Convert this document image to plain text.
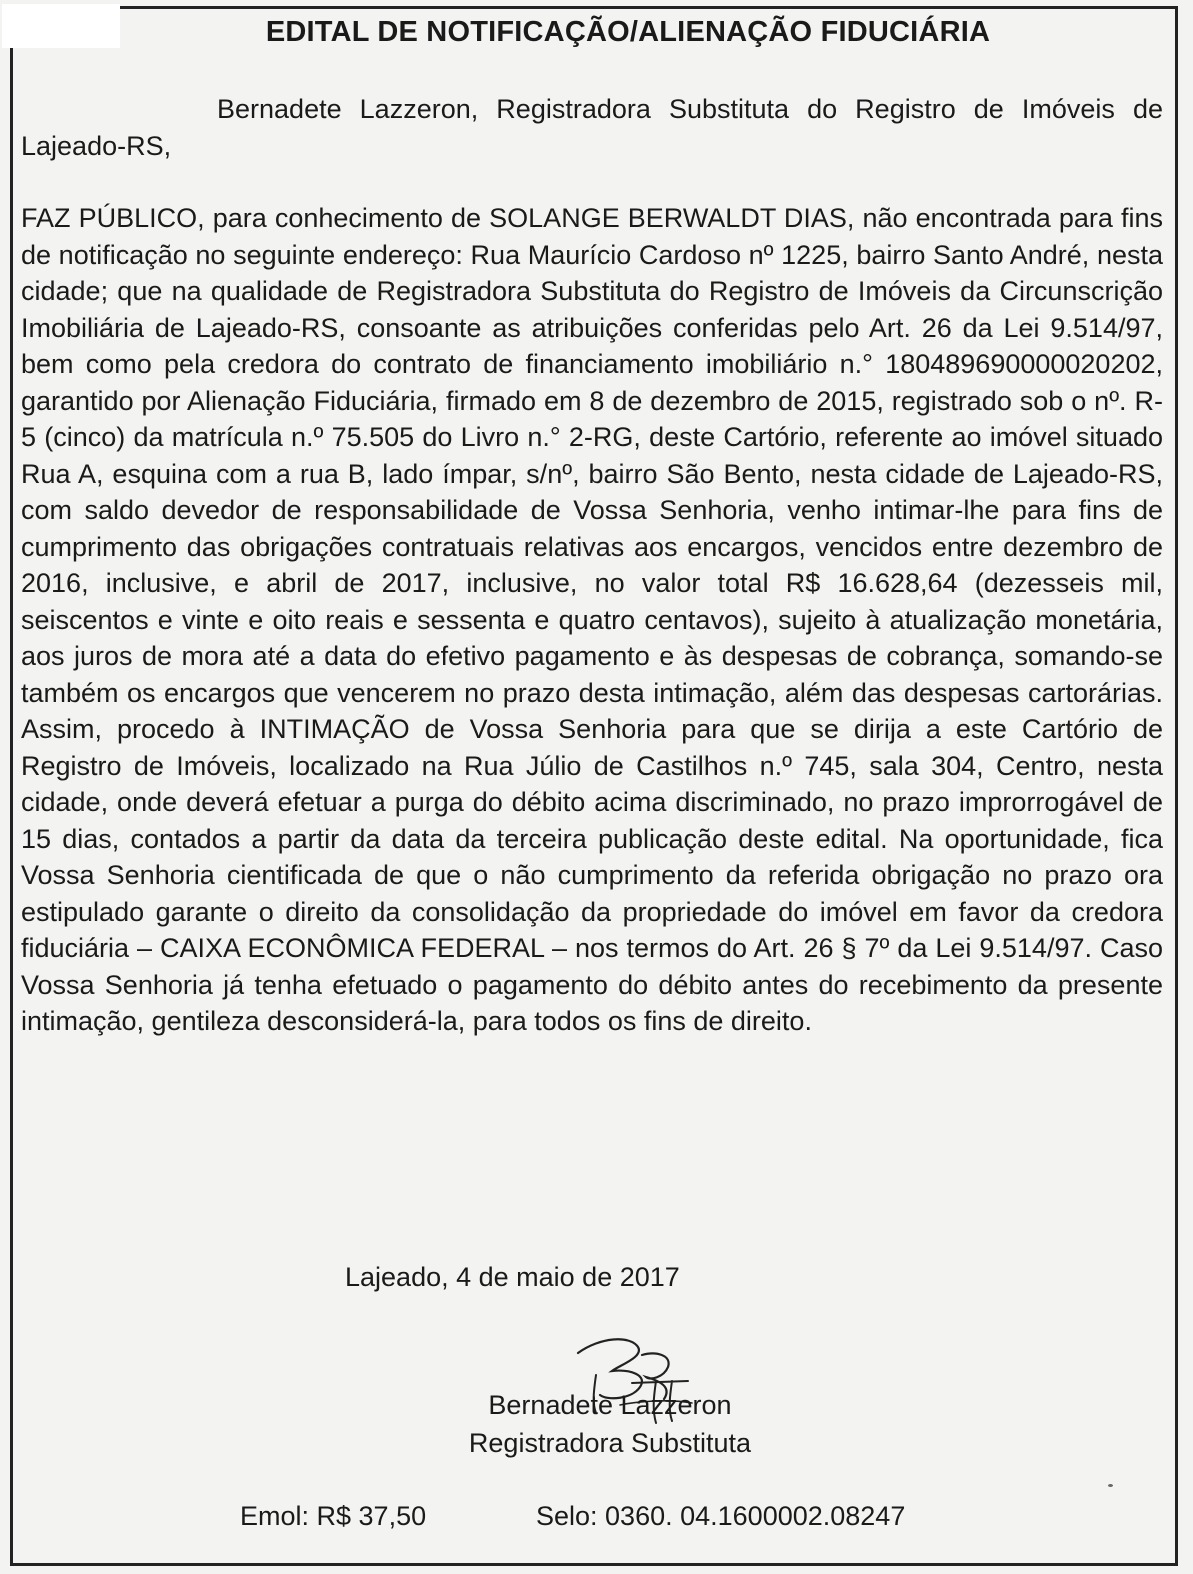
EDITAL DE NOTIFICAÇÃO/ALIENAÇÃO FIDUCIÁRIA

Bernadete Lazzeron, Registradora Substituta do Registro de Imóveis de Lajeado-RS,

FAZ PÚBLICO, para conhecimento de SOLANGE BERWALDT DIAS, não encontrada para fins de notificação no seguinte endereço: Rua Maurício Cardoso nº 1225, bairro Santo André, nesta cidade; que na qualidade de Registradora Substituta do Registro de Imóveis da Circunscrição Imobiliária de Lajeado-RS, consoante as atribuições conferidas pelo Art. 26 da Lei 9.514/97, bem como pela credora do contrato de financiamento imobiliário n.° 180489690000020202, garantido por Alienação Fiduciária, firmado em 8 de dezembro de 2015, registrado sob o nº. R-5 (cinco) da matrícula n.º 75.505 do Livro n.° 2-RG, deste Cartório, referente ao imóvel situado Rua A, esquina com a rua B, lado ímpar, s/nº, bairro São Bento, nesta cidade de Lajeado-RS, com saldo devedor de responsabilidade de Vossa Senhoria, venho intimar-lhe para fins de cumprimento das obrigações contratuais relativas aos encargos, vencidos entre dezembro de 2016, inclusive, e abril de 2017, inclusive, no valor total R$ 16.628,64 (dezesseis mil, seiscentos e vinte e oito reais e sessenta e quatro centavos), sujeito à atualização monetária, aos juros de mora até a data do efetivo pagamento e às despesas de cobrança, somando-se também os encargos que vencerem no prazo desta intimação, além das despesas cartorárias. Assim, procedo à INTIMAÇÃO de Vossa Senhoria para que se dirija a este Cartório de Registro de Imóveis, localizado na Rua Júlio de Castilhos n.º 745, sala 304, Centro, nesta cidade, onde deverá efetuar a purga do débito acima discriminado, no prazo improrrogável de 15 dias, contados a partir da data da terceira publicação deste edital. Na oportunidade, fica Vossa Senhoria cientificada de que o não cumprimento da referida obrigação no prazo ora estipulado garante o direito da consolidação da propriedade do imóvel em favor da credora fiduciária – CAIXA ECONÔMICA FEDERAL – nos termos do Art. 26 § 7º da Lei 9.514/97. Caso Vossa Senhoria já tenha efetuado o pagamento do débito antes do recebimento da presente intimação, gentileza desconsiderá-la, para todos os fins de direito.

Lajeado, 4 de maio de 2017
Bernadete Lazzeron
Registradora Substituta
Emol: R$ 37,50	Selo: 0360. 04.1600002.08247
